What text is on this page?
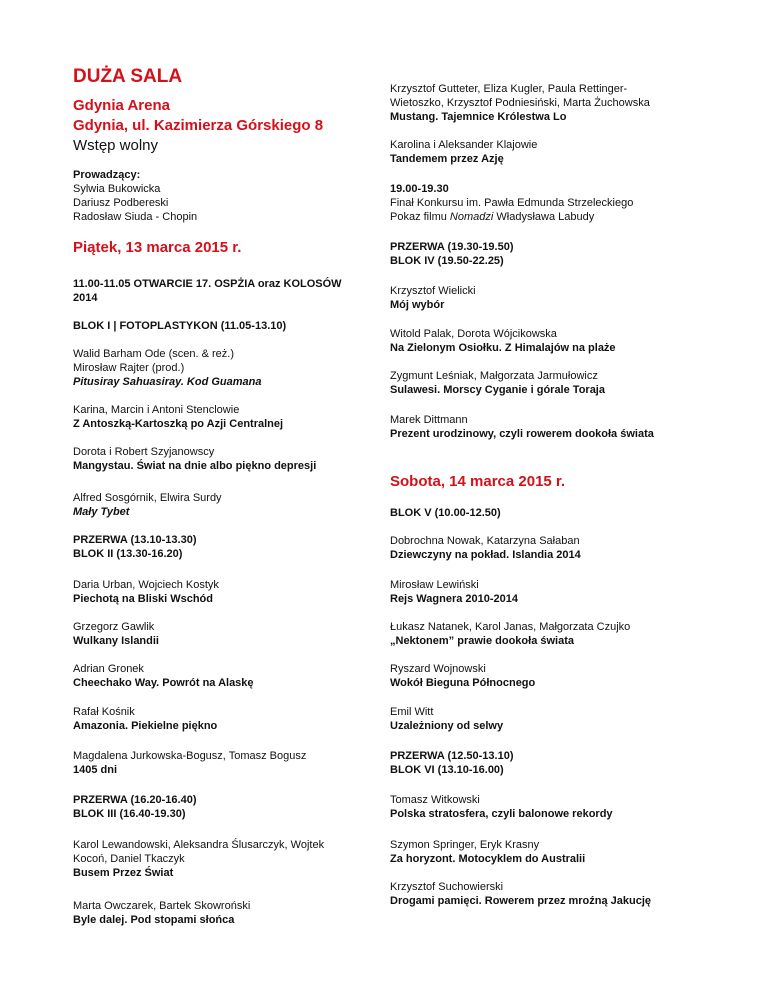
DUŻA SALA
Gdynia Arena
Gdynia, ul. Kazimierza Górskiego 8
Wstęp wolny
Prowadzący:
Sylwia Bukowicka
Dariusz Podbereski
Radosław Siuda - Chopin
Piątek, 13 marca 2015 r.
11.00-11.05 OTWARCIE 17. OSPŻIA oraz KOLOSÓW
2014
BLOK I | FOTOPLASTYKON (11.05-13.10)
Walid Barham Ode (scen. & reż.)
Mirosław Rajter (prod.)
Pitusiray Sahuasiray. Kod Guamana
Karina, Marcin i Antoni Stenclowie
Z Antoszką-Kartoszką po Azji Centralnej
Dorota i Robert Szyjanowscy
Mangystau. Świat na dnie albo piękno depresji
Alfred Sosgórnik, Elwira Surdy
Mały Tybet
PRZERWA (13.10-13.30)
BLOK II (13.30-16.20)
Daria Urban, Wojciech Kostyk
Piechotą na Bliski Wschód
Grzegorz Gawlik
Wulkany Islandii
Adrian Gronek
Cheechako Way. Powrót na Alaskę
Rafał Kośnik
Amazonia. Piekielne piękno
Magdalena Jurkowska-Bogusz, Tomasz Bogusz
1405 dni
PRZERWA (16.20-16.40)
BLOK III (16.40-19.30)
Karol Lewandowski, Aleksandra Ślusarczyk, Wojtek
Kocoń, Daniel Tkaczyk
Busem Przez Świat
Marta Owczarek, Bartek Skowroński
Byle dalej. Pod stopami słońca
Krzysztof Gutteter, Eliza Kugler, Paula Rettinger-
Wietoszko, Krzysztof Podniesiński, Marta Żuchowska
Mustang. Tajemnice Królestwa Lo
Karolina i Aleksander Klajowie
Tandemem przez Azję
19.00-19.30
Finał Konkursu im. Pawła Edmunda Strzeleckiego
Pokaz filmu Nomadzi Władysława Labudy
PRZERWA (19.30-19.50)
BLOK IV (19.50-22.25)
Krzysztof Wielicki
Mój wybór
Witold Palak, Dorota Wójcikowska
Na Zielonym Osiołku. Z Himalajów na plaże
Zygmunt Leśniak, Małgorzata Jarmułowicz
Sulawesi. Morscy Cyganie i górale Toraja
Marek Dittmann
Prezent urodzinowy, czyli rowerem dookoła świata
Sobota, 14 marca 2015 r.
BLOK V (10.00-12.50)
Dobrochna Nowak, Katarzyna Sałaban
Dziewczyny na pokład. Islandia 2014
Mirosław Lewiński
Rejs Wagnera 2010-2014
Łukasz Natanek, Karol Janas, Małgorzata Czujko
„Nektonem” prawie dookoła świata
Ryszard Wojnowski
Wokół Bieguna Północnego
Emil Witt
Uzależniony od selwy
PRZERWA (12.50-13.10)
BLOK VI (13.10-16.00)
Tomasz Witkowski
Polska stratosfera, czyli balonowe rekordy
Szymon Springer, Eryk Krasny
Za horyzont. Motocyklem do Australii
Krzysztof Suchowierski
Drogami pamięci. Rowerem przez mroźną Jakucję
